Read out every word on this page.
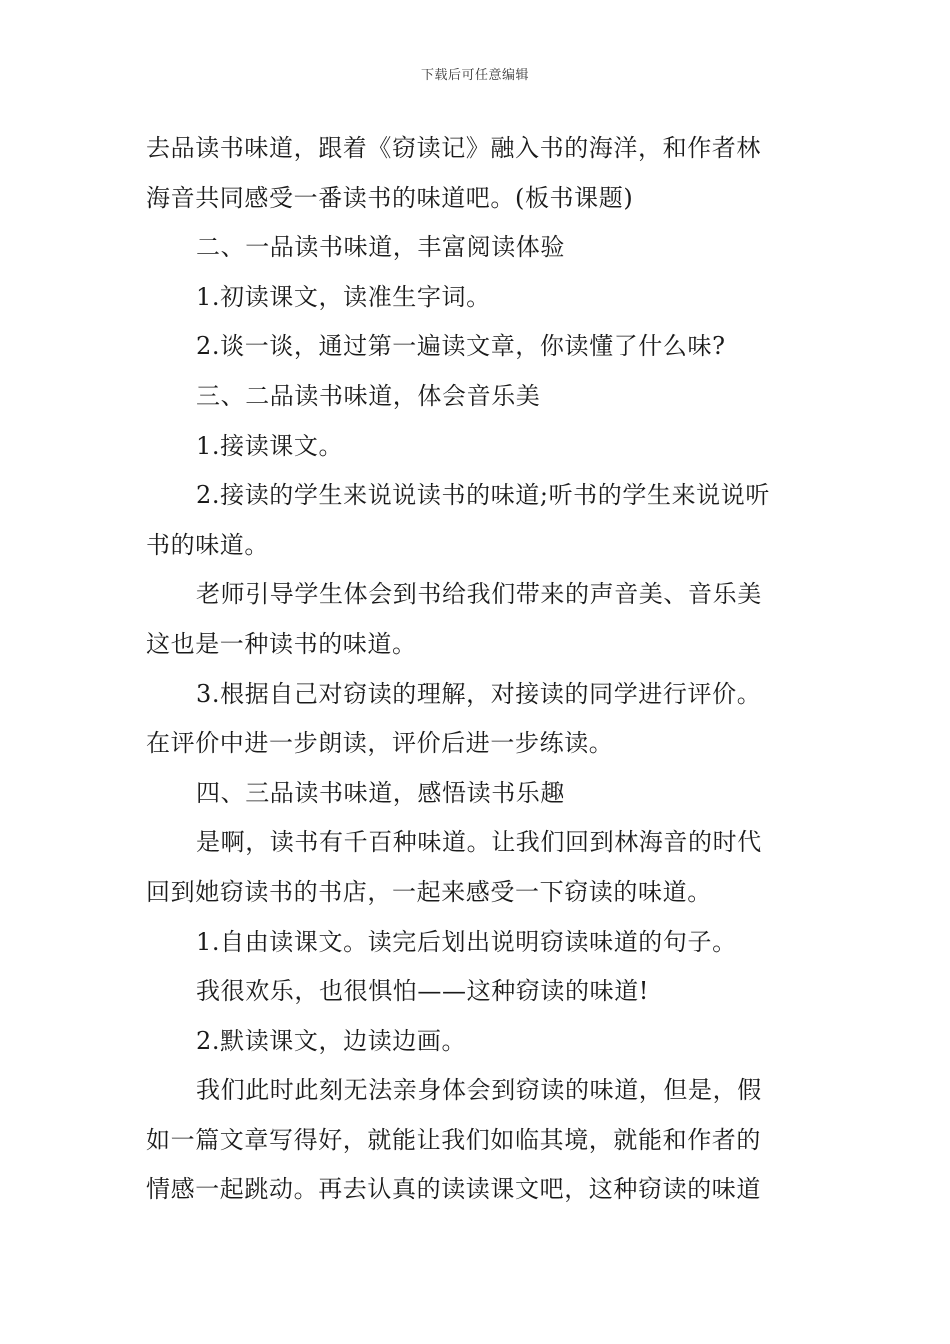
下载后可任意编辑
去品读书味道，跟着《窃读记》融入书的海洋，和作者林
海音共同感受一番读书的味道吧。(板书课题)
二、一品读书味道，丰富阅读体验
1.初读课文，读准生字词。
2.谈一谈，通过第一遍读文章，你读懂了什么味?
三、二品读书味道，体会音乐美
1.接读课文。
2.接读的学生来说说读书的味道;听书的学生来说说听
书的味道。
老师引导学生体会到书给我们带来的声音美、音乐美
这也是一种读书的味道。
3.根据自己对窃读的理解，对接读的同学进行评价。
在评价中进一步朗读，评价后进一步练读。
四、三品读书味道，感悟读书乐趣
是啊，读书有千百种味道。让我们回到林海音的时代
回到她窃读书的书店，一起来感受一下窃读的味道。
1.自由读课文。读完后划出说明窃读味道的句子。
我很欢乐，也很惧怕——这种窃读的味道!
2.默读课文，边读边画。
我们此时此刻无法亲身体会到窃读的味道，但是，假
如一篇文章写得好，就能让我们如临其境，就能和作者的
情感一起跳动。再去认真的读读课文吧，这种窃读的味道
